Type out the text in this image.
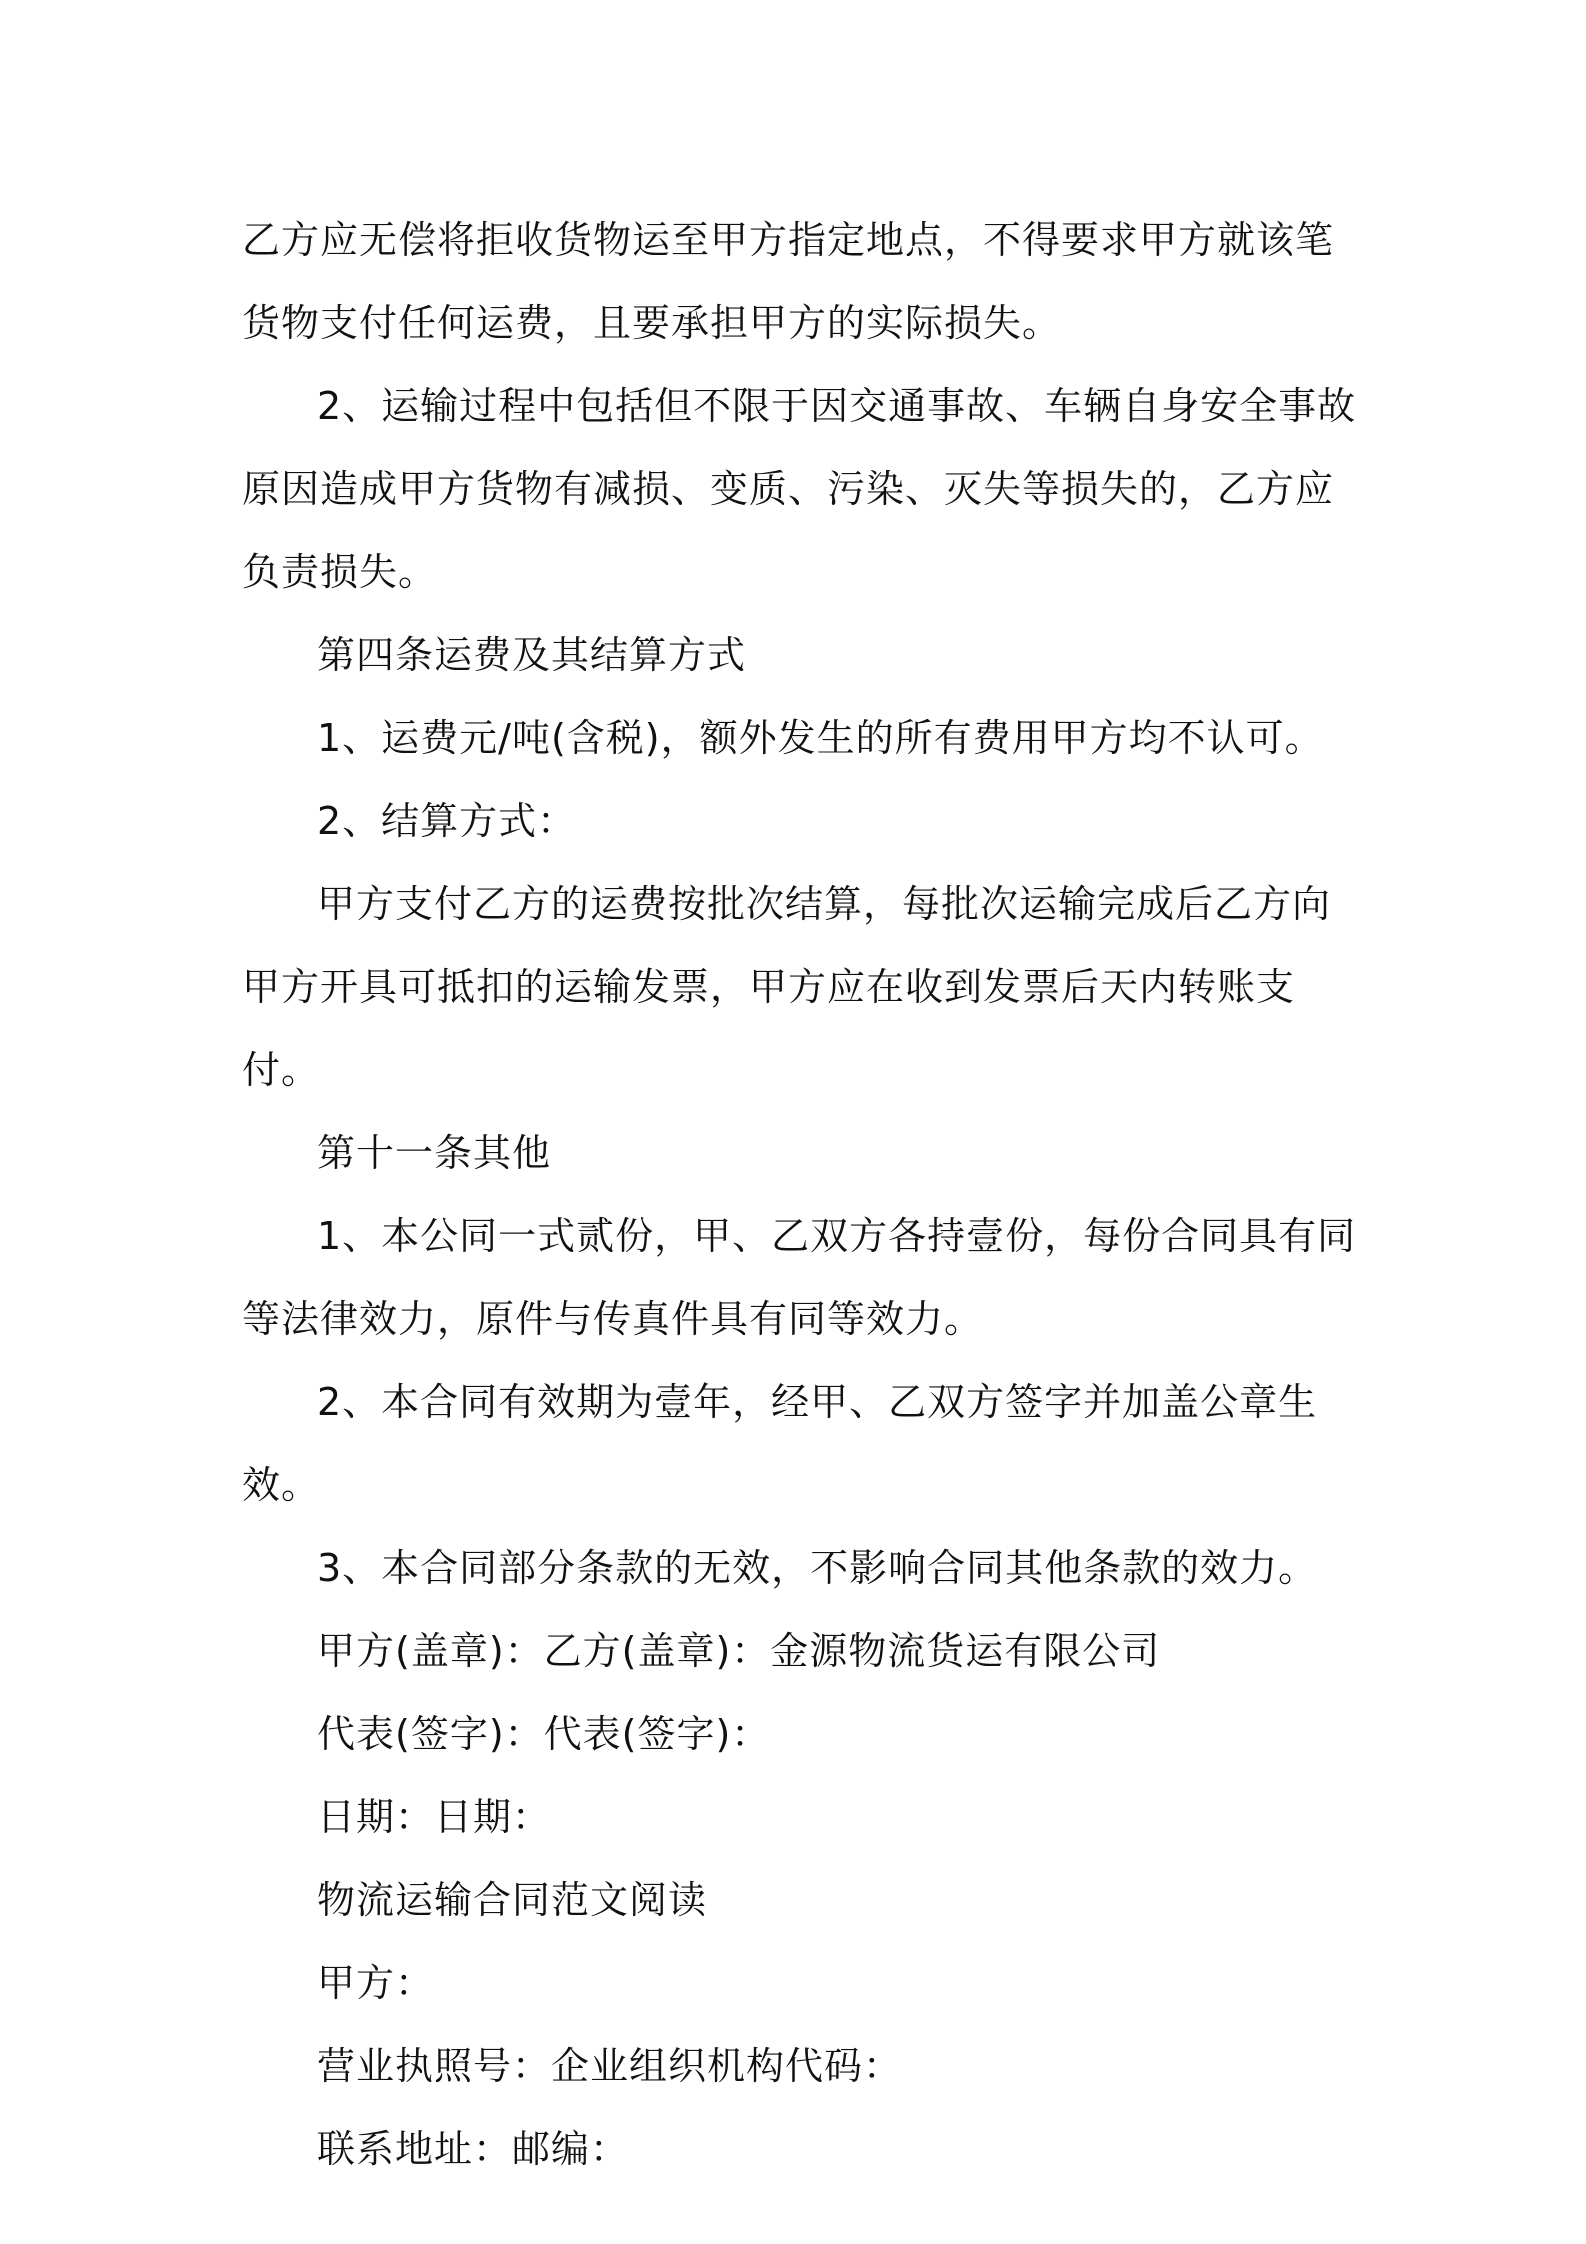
乙方应无偿将拒收货物运至甲方指定地点，不得要求甲方就该笔货物支付任何运费，且要承担甲方的实际损失。

2、运输过程中包括但不限于因交通事故、车辆自身安全事故原因造成甲方货物有减损、变质、污染、灭失等损失的，乙方应负责损失。

第四条运费及其结算方式

1、运费元/吨(含税)，额外发生的所有费用甲方均不认可。

2、结算方式：

甲方支付乙方的运费按批次结算，每批次运输完成后乙方向甲方开具可抵扣的运输发票，甲方应在收到发票后天内转账支付。

第十一条其他

1、本公同一式贰份，甲、乙双方各持壹份，每份合同具有同等法律效力，原件与传真件具有同等效力。

2、本合同有效期为壹年，经甲、乙双方签字并加盖公章生效。

3、本合同部分条款的无效，不影响合同其他条款的效力。

甲方(盖章)：乙方(盖章)：金源物流货运有限公司

代表(签字)：代表(签字)：

日期：日期：

物流运输合同范文阅读

甲方：

营业执照号：企业组织机构代码：

联系地址：邮编：
